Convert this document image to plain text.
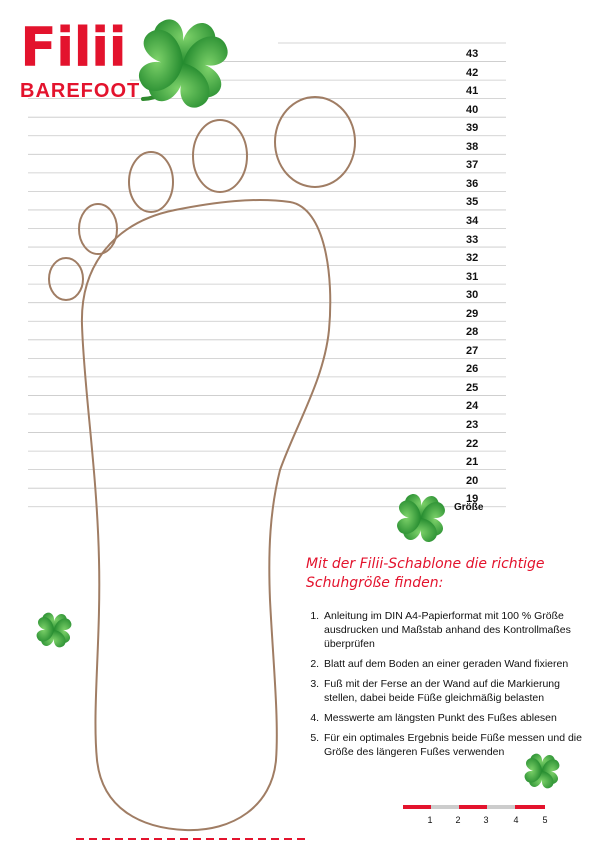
Filii
BAREFOOT
43
42
41
40
39
38
37
36
35
34
33
32
31
30
29
28
27
26
25
24
23
22
21
20
19
Größe
Mit der Filii-Schablone die richtige
Schuhgröße finden:
1. Anleitung im DIN A4-Papierformat mit 100 % Größe ausdrucken und Maßstab anhand des Kontrollmaßes überprüfen
2. Blatt auf dem Boden an einer geraden Wand fixieren
3. Fuß mit der Ferse an der Wand auf die Markierung stellen, dabei beide Füße gleichmäßig belasten
4. Messwerte am längsten Punkt des Fußes ablesen
5. Für ein optimales Ergebnis beide Füße messen und die Größe des längeren Fußes verwenden
1	2	3	4	5
